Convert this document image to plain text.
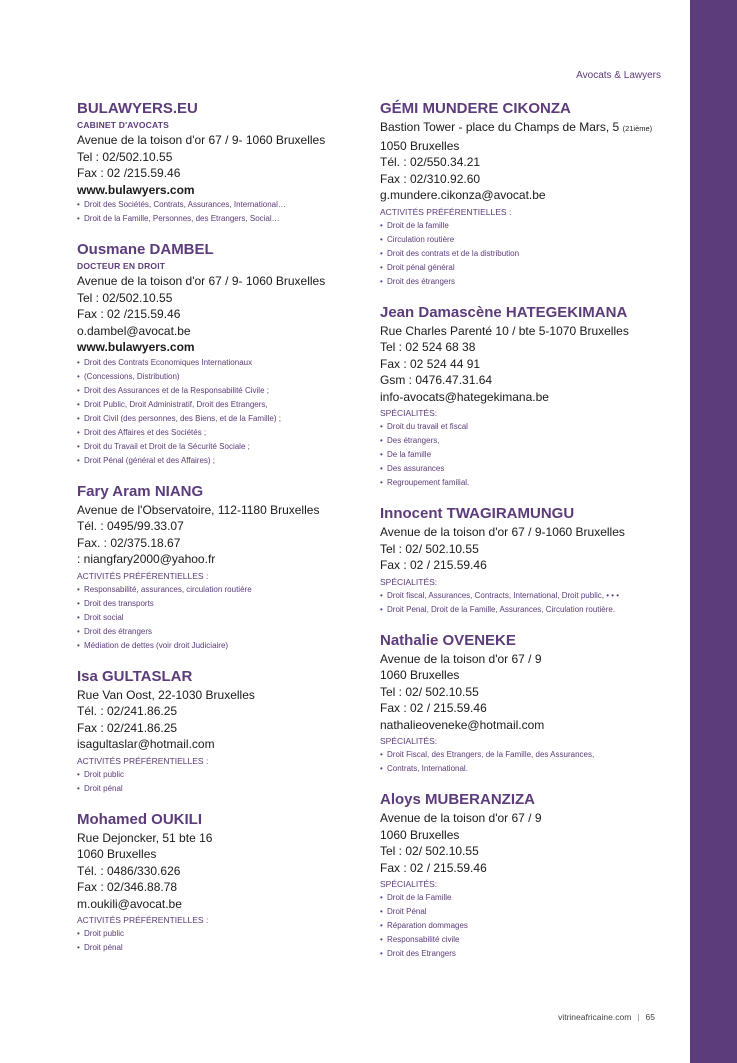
Avocats & Lawyers
BULAWYERS.EU
CABINET D'AVOCATS
Avenue de la toison d'or 67 / 9- 1060 Bruxelles
Tel : 02/502.10.55
Fax : 02 /215.59.46
www.bulawyers.com
• Droit des Sociétés, Contrats, Assurances, International…
• Droit de la Famille, Personnes, des Etrangers, Social…
Ousmane DAMBEL
DOCTEUR EN DROIT
Avenue de la toison d'or 67 / 9- 1060 Bruxelles
Tel : 02/502.10.55
Fax : 02 /215.59.46
o.dambel@avocat.be
www.bulawyers.com
• Droit des Contrats Economiques Internationaux
• (Concessions, Distribution)
• Droit des Assurances et de la Responsabilité Civile ;
• Droit Public, Droit Administratif, Droit des Etrangers,
• Droit Civil (des personnes, des Biens, et de la Famille) ;
• Droit des Affaires et des Sociétés ;
• Droit du Travail et Droit de la Sécurité Sociale ;
• Droit Pénal (général et des Affaires) ;
Fary Aram NIANG
Avenue de l'Observatoire, 112-1180 Bruxelles
Tél. : 0495/99.33.07
Fax. : 02/375.18.67
: niangfary2000@yahoo.fr
ACTIVITÉS PRÉFÉRENTIELLES :
• Responsabilité, assurances, circulation routière
• Droit des transports
• Droit social
• Droit des étrangers
• Médiation de dettes (voir droit Judiciaire)
Isa GULTASLAR
Rue Van Oost, 22-1030 Bruxelles
Tél. : 02/241.86.25
Fax : 02/241.86.25
isagultaslar@hotmail.com
ACTIVITÉS PRÉFÉRENTIELLES :
• Droit public
• Droit pénal
Mohamed OUKILI
Rue Dejoncker, 51 bte 16
1060 Bruxelles
Tél. : 0486/330.626
Fax : 02/346.88.78
m.oukili@avocat.be
ACTIVITÉS PRÉFÉRENTIELLES :
• Droit public
• Droit pénal
GÉMI MUNDERE CIKONZA
Bastion Tower - place du Champs de Mars, 5 (21ième)
1050 Bruxelles
Tél. : 02/550.34.21
Fax : 02/310.92.60
g.mundere.cikonza@avocat.be
ACTIVITÉS PRÉFÉRENTIELLES :
• Droit de la famille
• Circulation routière
• Droit des contrats et de la distribution
• Droit pénal général
• Droit des étrangers
Jean Damascène HATEGEKIMANA
Rue Charles Parenté 10 / bte 5-1070 Bruxelles
Tel : 02 524 68 38
Fax : 02 524 44 91
Gsm : 0476.47.31.64
info-avocats@hategekimana.be
SPÉCIALITÉS:
• Droit du travail et fiscal
• Des étrangers,
• De la famille
• Des assurances
• Regroupement familial.
Innocent TWAGIRAMUNGU
Avenue de la toison d'or 67 / 9-1060 Bruxelles
Tel : 02/ 502.10.55
Fax : 02 / 215.59.46
SPÉCIALITÉS:
• Droit fiscal, Assurances, Contracts, International, Droit public, • • •
• Droit Penal, Droit de la Famille, Assurances, Circulation routière.
Nathalie OVENEKE
Avenue de la toison d'or 67 / 9
1060 Bruxelles
Tel : 02/ 502.10.55
Fax : 02 / 215.59.46
nathalieoveneke@hotmail.com
SPÉCIALITÉS:
• Droit Fiscal, des Etrangers, de la Famille, des Assurances,
• Contrats, International.
Aloys MUBERANZIZA
Avenue de la toison d'or 67 / 9
1060 Bruxelles
Tel : 02/ 502.10.55
Fax : 02 / 215.59.46
SPÉCIALITÉS:
• Droit de la Famille
• Droit Pénal
• Réparation dommages
• Responsabilité civile
• Droit des Etrangers
vitrineafricaine.com | 65
